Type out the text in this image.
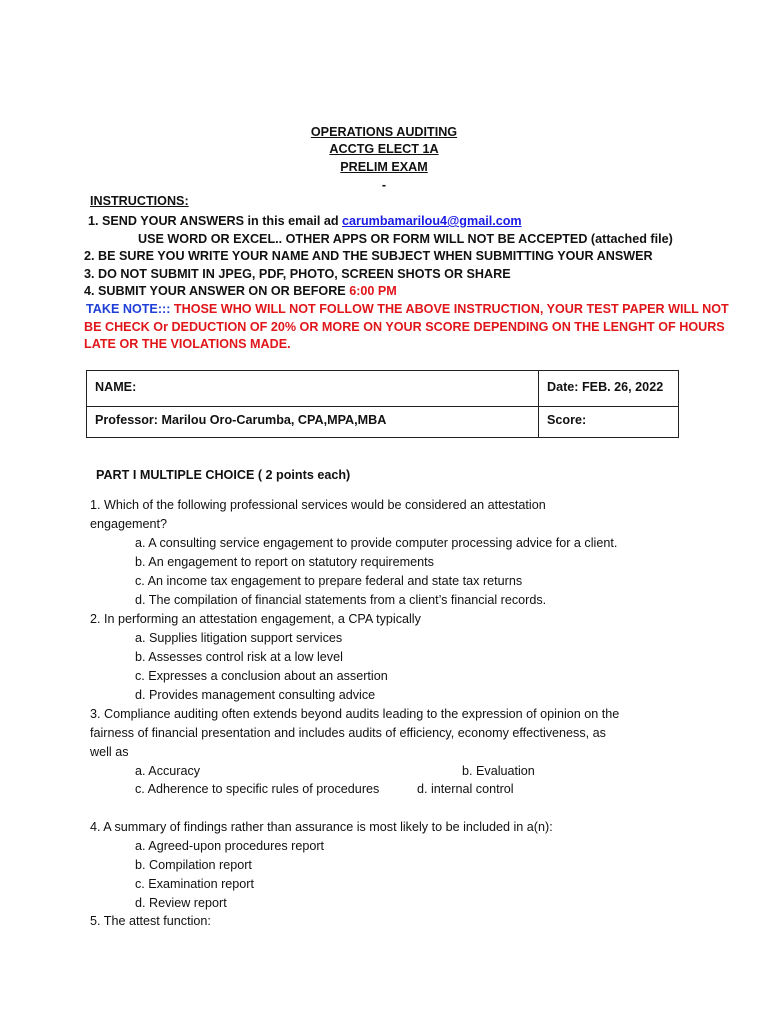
OPERATIONS AUDITING
ACCTG ELECT 1A
PRELIM EXAM
-
INSTRUCTIONS:
1. SEND YOUR ANSWERS in this email ad carumbamarilou4@gmail.com
USE WORD OR EXCEL.. OTHER APPS OR FORM WILL NOT BE ACCEPTED (attached file)
2. BE SURE YOU WRITE YOUR NAME AND THE SUBJECT WHEN SUBMITTING YOUR ANSWER
3. DO NOT SUBMIT IN JPEG, PDF, PHOTO, SCREEN SHOTS OR SHARE
4. SUBMIT YOUR ANSWER ON OR BEFORE 6:00 PM
TAKE NOTE::: THOSE WHO WILL NOT FOLLOW THE ABOVE INSTRUCTION, YOUR TEST PAPER WILL NOT
BE CHECK Or DEDUCTION OF 20% OR MORE ON YOUR SCORE DEPENDING ON THE LENGHT OF HOURS
LATE OR THE VIOLATIONS MADE.
NAME:	Date: FEB. 26, 2022
Professor: Marilou Oro-Carumba, CPA,MPA,MBA	Score:
PART I MULTIPLE CHOICE ( 2 points each)
1. Which of the following professional services would be considered an attestation
engagement?
a. A consulting service engagement to provide computer processing advice for a client.
b. An engagement to report on statutory requirements
c. An income tax engagement to prepare federal and state tax returns
d. The compilation of financial statements from a client’s financial records.
2. In performing an attestation engagement, a CPA typically
a. Supplies litigation support services
b. Assesses control risk at a low level
c. Expresses a conclusion about an assertion
d. Provides management consulting advice
3. Compliance auditing often extends beyond audits leading to the expression of opinion on the
fairness of financial presentation and includes audits of efficiency, economy effectiveness, as
well as
a. Accuracy	b. Evaluation
c. Adherence to specific rules of procedures	d. internal control
4. A summary of findings rather than assurance is most likely to be included in a(n):
a. Agreed-upon procedures report
b. Compilation report
c. Examination report
d. Review report
5. The attest function:
